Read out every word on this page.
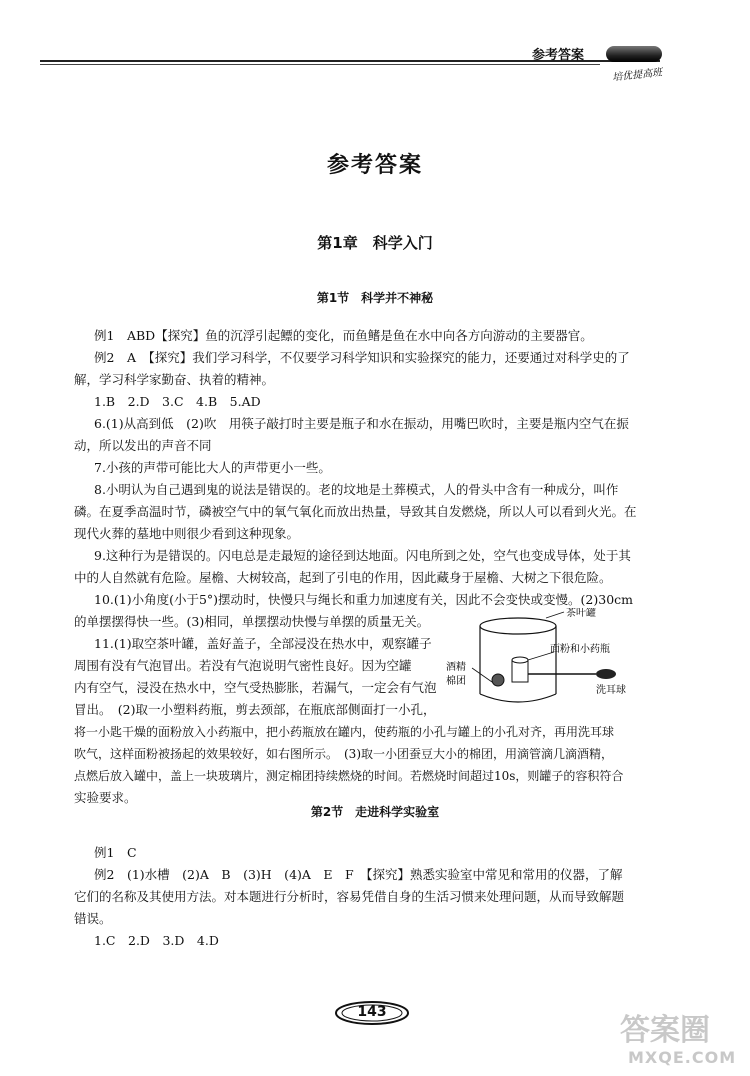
参考答案
培优提高班
参考答案
第1章　科学入门
第1节　科学并不神秘
例1　ABD【探究】鱼的沉浮引起鳔的变化，而鱼鳍是鱼在水中向各方向游动的主要器官。
例2　A　【探究】我们学习科学，不仅要学习科学知识和实验探究的能力，还要通过对科学史的了
解，学习科学家勤奋、执着的精神。
1.B　2.D　3.C　4.B　5.AD
6.(1)从高到低　(2)吹　用筷子敲打时主要是瓶子和水在振动，用嘴巴吹时，主要是瓶内空气在振
动，所以发出的声音不同
7.小孩的声带可能比大人的声带更小一些。
8.小明认为自己遇到鬼的说法是错误的。老的坟地是土葬模式，人的骨头中含有一种成分，叫作
磷。在夏季高温时节，磷被空气中的氧气氧化而放出热量，导致其自发燃烧，所以人可以看到火光。在
现代火葬的墓地中则很少看到这种现象。
9.这种行为是错误的。闪电总是走最短的途径到达地面。闪电所到之处，空气也变成导体，处于其
中的人自然就有危险。屋檐、大树较高，起到了引电的作用，因此藏身于屋檐、大树之下很危险。
10.(1)小角度(小于5°)摆动时，快慢只与绳长和重力加速度有关，因此不会变快或变慢。(2)30cm
的单摆摆得快一些。(3)相同，单摆摆动快慢与单摆的质量无关。
11.(1)取空茶叶罐，盖好盖子，全部浸没在热水中，观察罐子
周围有没有气泡冒出。若没有气泡说明气密性良好。因为空罐
内有空气，浸没在热水中，空气受热膨胀，若漏气，一定会有气泡
冒出。　(2)取一小塑料药瓶，剪去颈部，在瓶底部侧面打一小孔，
将一小匙干燥的面粉放入小药瓶中，把小药瓶放在罐内，使药瓶的小孔与罐上的小孔对齐，再用洗耳球
吹气，这样面粉被扬起的效果较好，如右图所示。　(3)取一小团蚕豆大小的棉团，用滴管滴几滴酒精，
点燃后放入罐中，盖上一块玻璃片，测定棉团持续燃烧的时间。若燃烧时间超过10s，则罐子的容积符合
实验要求。
茶叶罐
面粉和小药瓶
酒精
棉团
洗耳球
第2节　走进科学实验室
例1　C
例2　(1)水槽　(2)A　B　(3)H　(4)A　E　F　【探究】熟悉实验室中常见和常用的仪器，了解
它们的名称及其使用方法。对本题进行分析时，容易凭借自身的生活习惯来处理问题，从而导致解题
错误。
1.C　2.D　3.D　4.D
143
答案圈
MXQE.COM
